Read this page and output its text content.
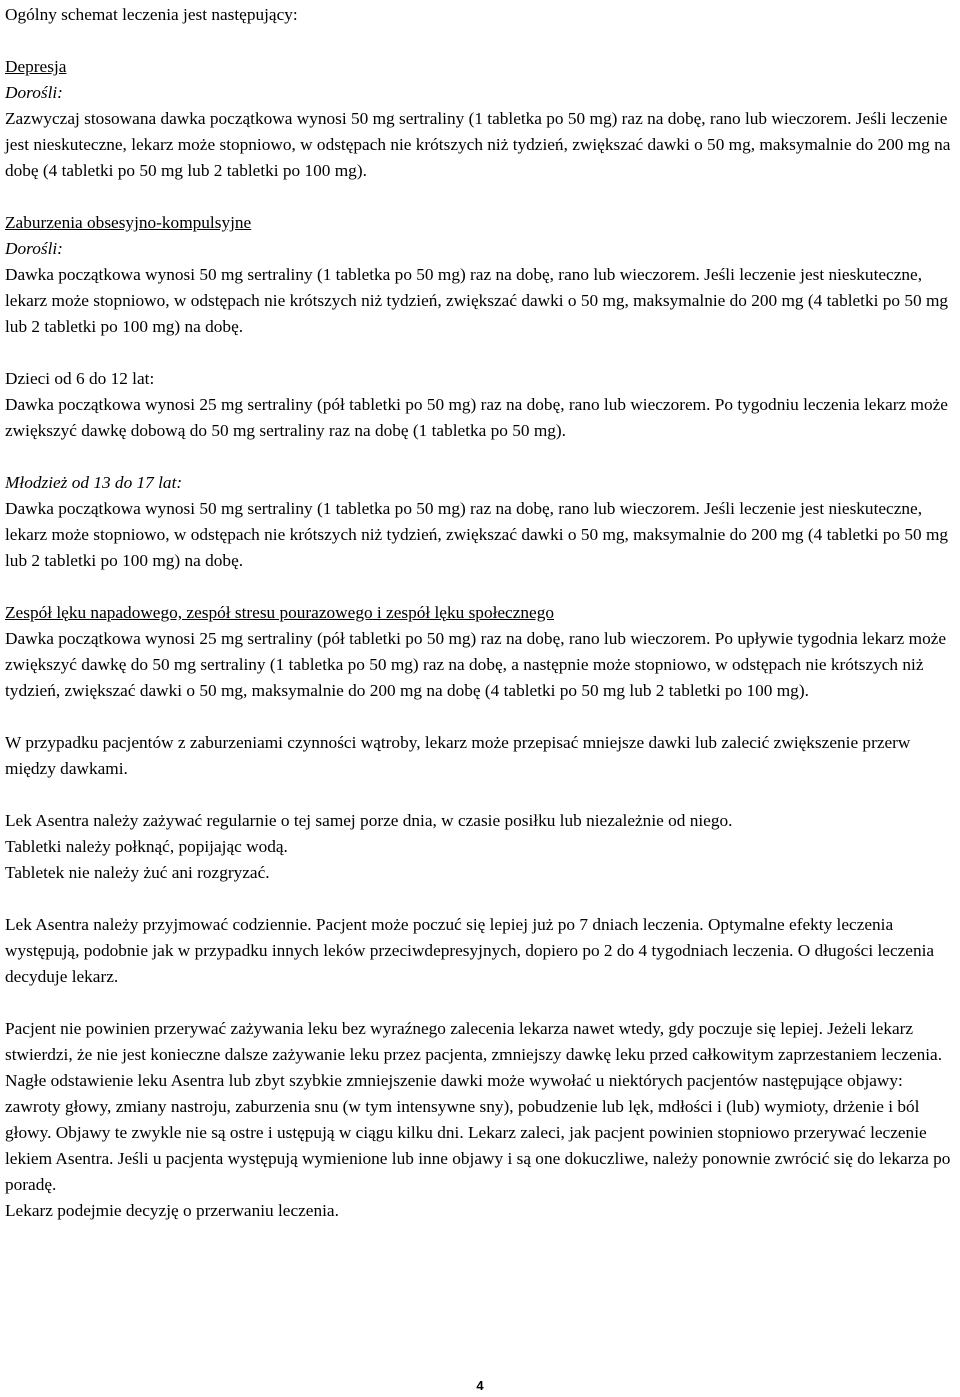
Ogólny schemat leczenia jest następujący:

Depresja
Dorośli:

Zazwyczaj stosowana dawka początkowa wynosi 50 mg sertraliny (1 tabletka po 50 mg) raz na dobę, rano lub wieczorem. Jeśli leczenie jest nieskuteczne, lekarz może stopniowo, w odstępach nie krótszych niż tydzień, zwiększać dawki o 50 mg, maksymalnie do 200 mg na dobę (4 tabletki po 50 mg lub 2 tabletki po 100 mg).

Zaburzenia obsesyjno-kompulsyjne
Dorośli:

Dawka początkowa wynosi 50 mg sertraliny (1 tabletka po 50 mg) raz na dobę, rano lub wieczorem. Jeśli leczenie jest nieskuteczne, lekarz może stopniowo, w odstępach nie krótszych niż tydzień, zwiększać dawki o 50 mg, maksymalnie do 200 mg (4 tabletki po 50 mg lub 2 tabletki po 100 mg) na dobę.

Dzieci od 6 do 12 lat:

Dawka początkowa wynosi 25 mg sertraliny (pół tabletki po 50 mg) raz na dobę, rano lub wieczorem. Po tygodniu leczenia lekarz może zwiększyć dawkę dobową do 50 mg sertraliny raz na dobę (1 tabletka po 50 mg).

Młodzież od 13 do 17 lat:

Dawka początkowa wynosi 50 mg sertraliny (1 tabletka po 50 mg) raz na dobę, rano lub wieczorem. Jeśli leczenie jest nieskuteczne, lekarz może stopniowo, w odstępach nie krótszych niż tydzień, zwiększać dawki o 50 mg, maksymalnie do 200 mg (4 tabletki po 50 mg lub 2 tabletki po 100 mg) na dobę.

Zespół lęku napadowego, zespół stresu pourazowego i zespół lęku społecznego

Dawka początkowa wynosi 25 mg sertraliny (pół tabletki po 50 mg) raz na dobę, rano lub wieczorem. Po upływie tygodnia lekarz może zwiększyć dawkę do 50 mg sertraliny (1 tabletka po 50 mg) raz na dobę, a następnie może stopniowo, w odstępach nie krótszych niż tydzień, zwiększać dawki o 50 mg, maksymalnie do 200 mg na dobę (4 tabletki po 50 mg lub 2 tabletki po 100 mg).

W przypadku pacjentów z zaburzeniami czynności wątroby, lekarz może przepisać mniejsze dawki lub zalecić zwiększenie przerw między dawkami.

Lek Asentra należy zażywać regularnie o tej samej porze dnia, w czasie posiłku lub niezależnie od niego.
Tabletki należy połknąć, popijając wodą.
Tabletek nie należy żuć ani rozgryzać.

Lek Asentra należy przyjmować codziennie. Pacjent może poczuć się lepiej już po 7 dniach leczenia. Optymalne efekty leczenia występują, podobnie jak w przypadku innych leków przeciwdepresyjnych, dopiero po 2 do 4 tygodniach leczenia. O długości leczenia decyduje lekarz.

Pacjent nie powinien przerywać zażywania leku bez wyraźnego zalecenia lekarza nawet wtedy, gdy poczuje się lepiej. Jeżeli lekarz stwierdzi, że nie jest konieczne dalsze zażywanie leku przez pacjenta, zmniejszy dawkę leku przed całkowitym zaprzestaniem leczenia. Nagłe odstawienie leku Asentra lub zbyt szybkie zmniejszenie dawki może wywołać u niektórych pacjentów następujące objawy: zawroty głowy, zmiany nastroju, zaburzenia snu (w tym intensywne sny), pobudzenie lub lęk, mdłości i (lub) wymioty, drżenie i ból głowy. Objawy te zwykle nie są ostre i ustępują w ciągu kilku dni. Lekarz zaleci, jak pacjent powinien stopniowo przerywać leczenie lekiem Asentra. Jeśli u pacjenta występują wymienione lub inne objawy i są one dokuczliwe, należy ponownie zwrócić się do lekarza po poradę.

Lekarz podejmie decyzję o przerwaniu leczenia.
4
